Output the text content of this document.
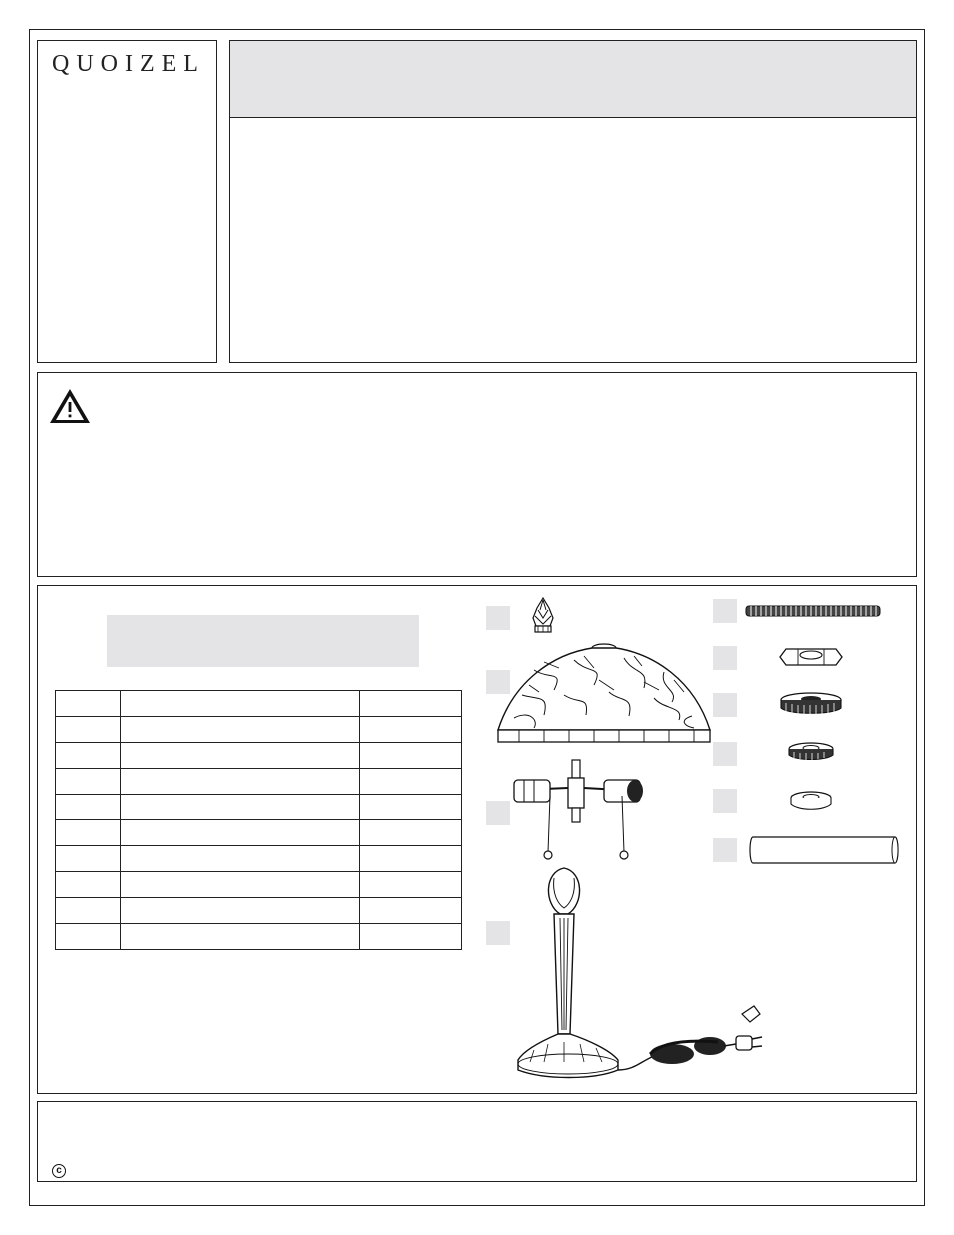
QUOIZEL

c
